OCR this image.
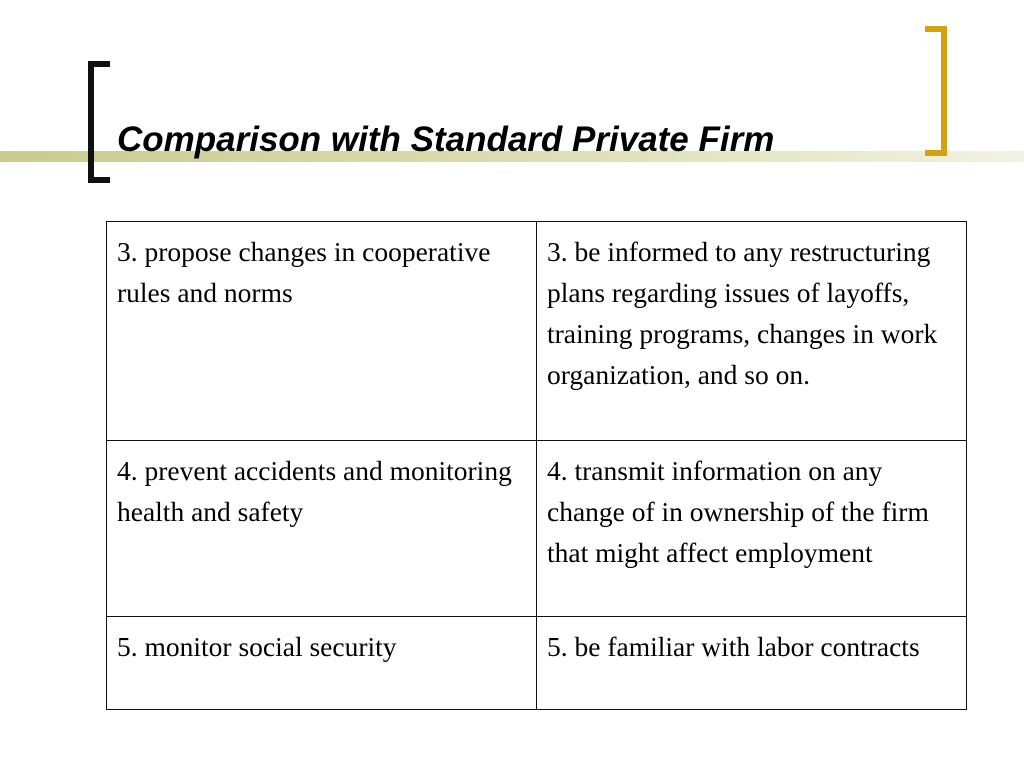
Comparison with Standard Private Firm
3. propose changes in cooperative rules and norms	3. be informed to any restructuring plans regarding issues of layoffs, training programs, changes in work organization, and so on.
4. prevent accidents and monitoring health and safety	4. transmit information on any change of in ownership of the firm that might affect employment
5. monitor social security	5. be familiar with labor contracts
